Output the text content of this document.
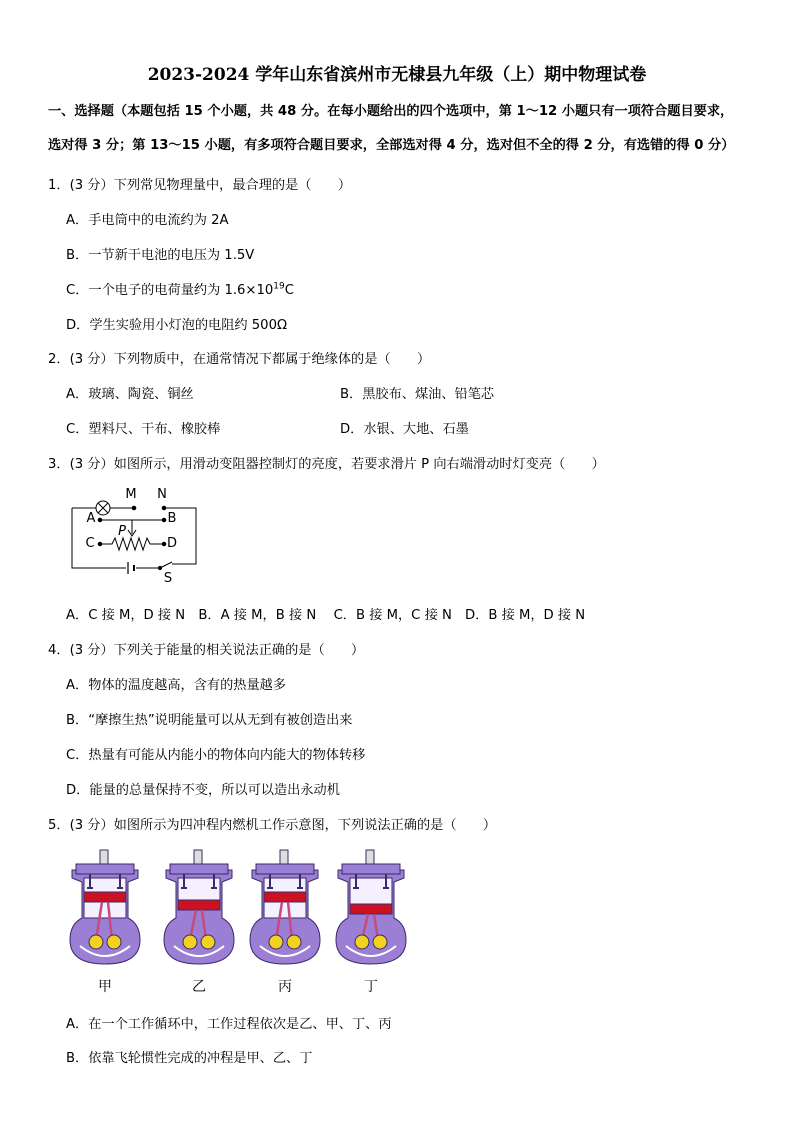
2023-2024 学年山东省滨州市无棣县九年级（上）期中物理试卷
一、选择题（本题包括 15 个小题，共 48 分。在每小题给出的四个选项中，第 1～12 小题只有一项符合题目要求，
选对得 3 分；第 13～15 小题，有多项符合题目要求，全部选对得 4 分，选对但不全的得 2 分，有选错的得 0 分）
1．(3 分）下列常见物理量中，最合理的是（　　）
A．手电筒中的电流约为 2A
B．一节新干电池的电压为 1.5V
C．一个电子的电荷量约为 $1.6\times 10^{19}C$
D．学生实验用小灯泡的电阻约 500Ω
2．(3 分）下列物质中，在通常情况下都属于绝缘体的是（　　）
A．玻璃、陶瓷、铜丝	B．黑胶布、煤油、铅笔芯
C．塑料尺、干布、橡胶棒	D．水银、大地、石墨
3．(3 分）如图所示，用滑动变阻器控制灯的亮度，若要求滑片 P 向右端滑动时灯变亮（　　）
M	N
A	B
P
C	D
S
A．C 接 M，D 接 N　B．A 接 M，B 接 N　 C．B 接 M，C 接 N　D．B 接 M，D 接 N
4．(3 分）下列关于能量的相关说法正确的是（　　）
A．物体的温度越高，含有的热量越多
B．“摩擦生热”说明能量可以从无到有被创造出来
C．热量有可能从内能小的物体向内能大的物体转移
D．能量的总量保持不变，所以可以造出永动机
5．(3 分）如图所示为四冲程内燃机工作示意图，下列说法正确的是（　　）
甲	乙	丙	丁
A．在一个工作循环中，工作过程依次是乙、甲、丁、丙
B．依靠飞轮惯性完成的冲程是甲、乙、丁
